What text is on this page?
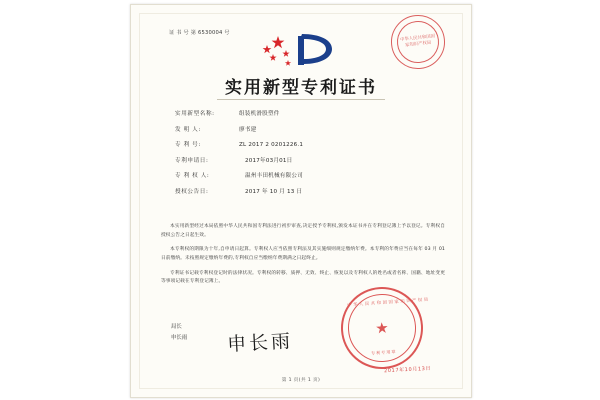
证 书 号 第 6530004 号
中华人民共和国国家知识产权局
实用新型专利证书
实用新型名称:	组装机滑股塑件
发 明 人:	廖书建
专 利 号:	ZL 2017 2 0201226.1
专利申请日:	2017年03月01日
专 利 权 人:	温州丰田机械有限公司
授权公告日:	2017 年 10 月 13 日

本实用新型经过本局依照中华人民共和国专利法进行初步审查,决定授予专利权,颁发本证书并在专利登记簿上予以登记。专利权自授权公告之日起生效。

本专利权的期限为十年,自申请日起算。专利权人应当依照专利法及其实施细则规定缴纳年费。本专利的年费应当在每年 03 月 01 日前缴纳。未按照规定缴纳年费的,专利权自应当缴纳年费期满之日起终止。

专利证书记载专利权登记时的法律状况。专利权的转移、质押、无效、终止、恢复以及专利权人的姓名或者名称、国籍、地址变更等事项记载在专利登记簿上。

局长
申长雨 申长雨
中华人民共和国国家知识产权局
★
专利专用章
2017年10月13日
第 1 页(共 1 页)
